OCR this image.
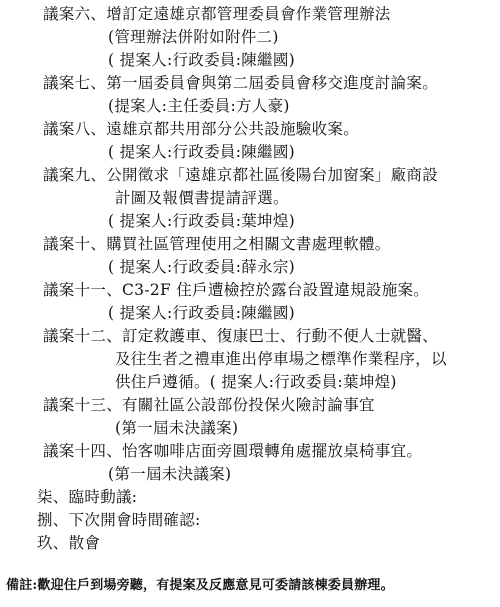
議案六、增訂定遠雄京都管理委員會作業管理辦法
(管理辦法併附如附件二)
( 提案人:行政委員:陳繼國)
議案七、第一屆委員會與第二屆委員會移交進度討論案。
(提案人:主任委員:方人豪)
議案八、遠雄京都共用部分公共設施驗收案。
( 提案人:行政委員:陳繼國)
議案九、公開徵求「遠雄京都社區後陽台加窗案」廠商設
計圖及報價書提請評選。
( 提案人:行政委員:葉坤煌)
議案十、購買社區管理使用之相關文書處理軟體。
( 提案人:行政委員:薛永宗)
議案十一、C3-2F 住戶遭檢控於露台設置違規設施案。
( 提案人:行政委員:陳繼國)
議案十二、訂定救護車、復康巴士、行動不便人士就醫、
及往生者之禮車進出停車場之標準作業程序，以
供住戶遵循。( 提案人:行政委員:葉坤煌)
議案十三、有關社區公設部份投保火險討論事宜
(第一屆未決議案)
議案十四、怡客咖啡店面旁圓環轉角處擺放桌椅事宜。
(第一屆未決議案)
柒、臨時動議:
捌、下次開會時間確認:
玖、散會
備註:歡迎住戶到場旁聽，有提案及反應意見可委請該棟委員辦理。
